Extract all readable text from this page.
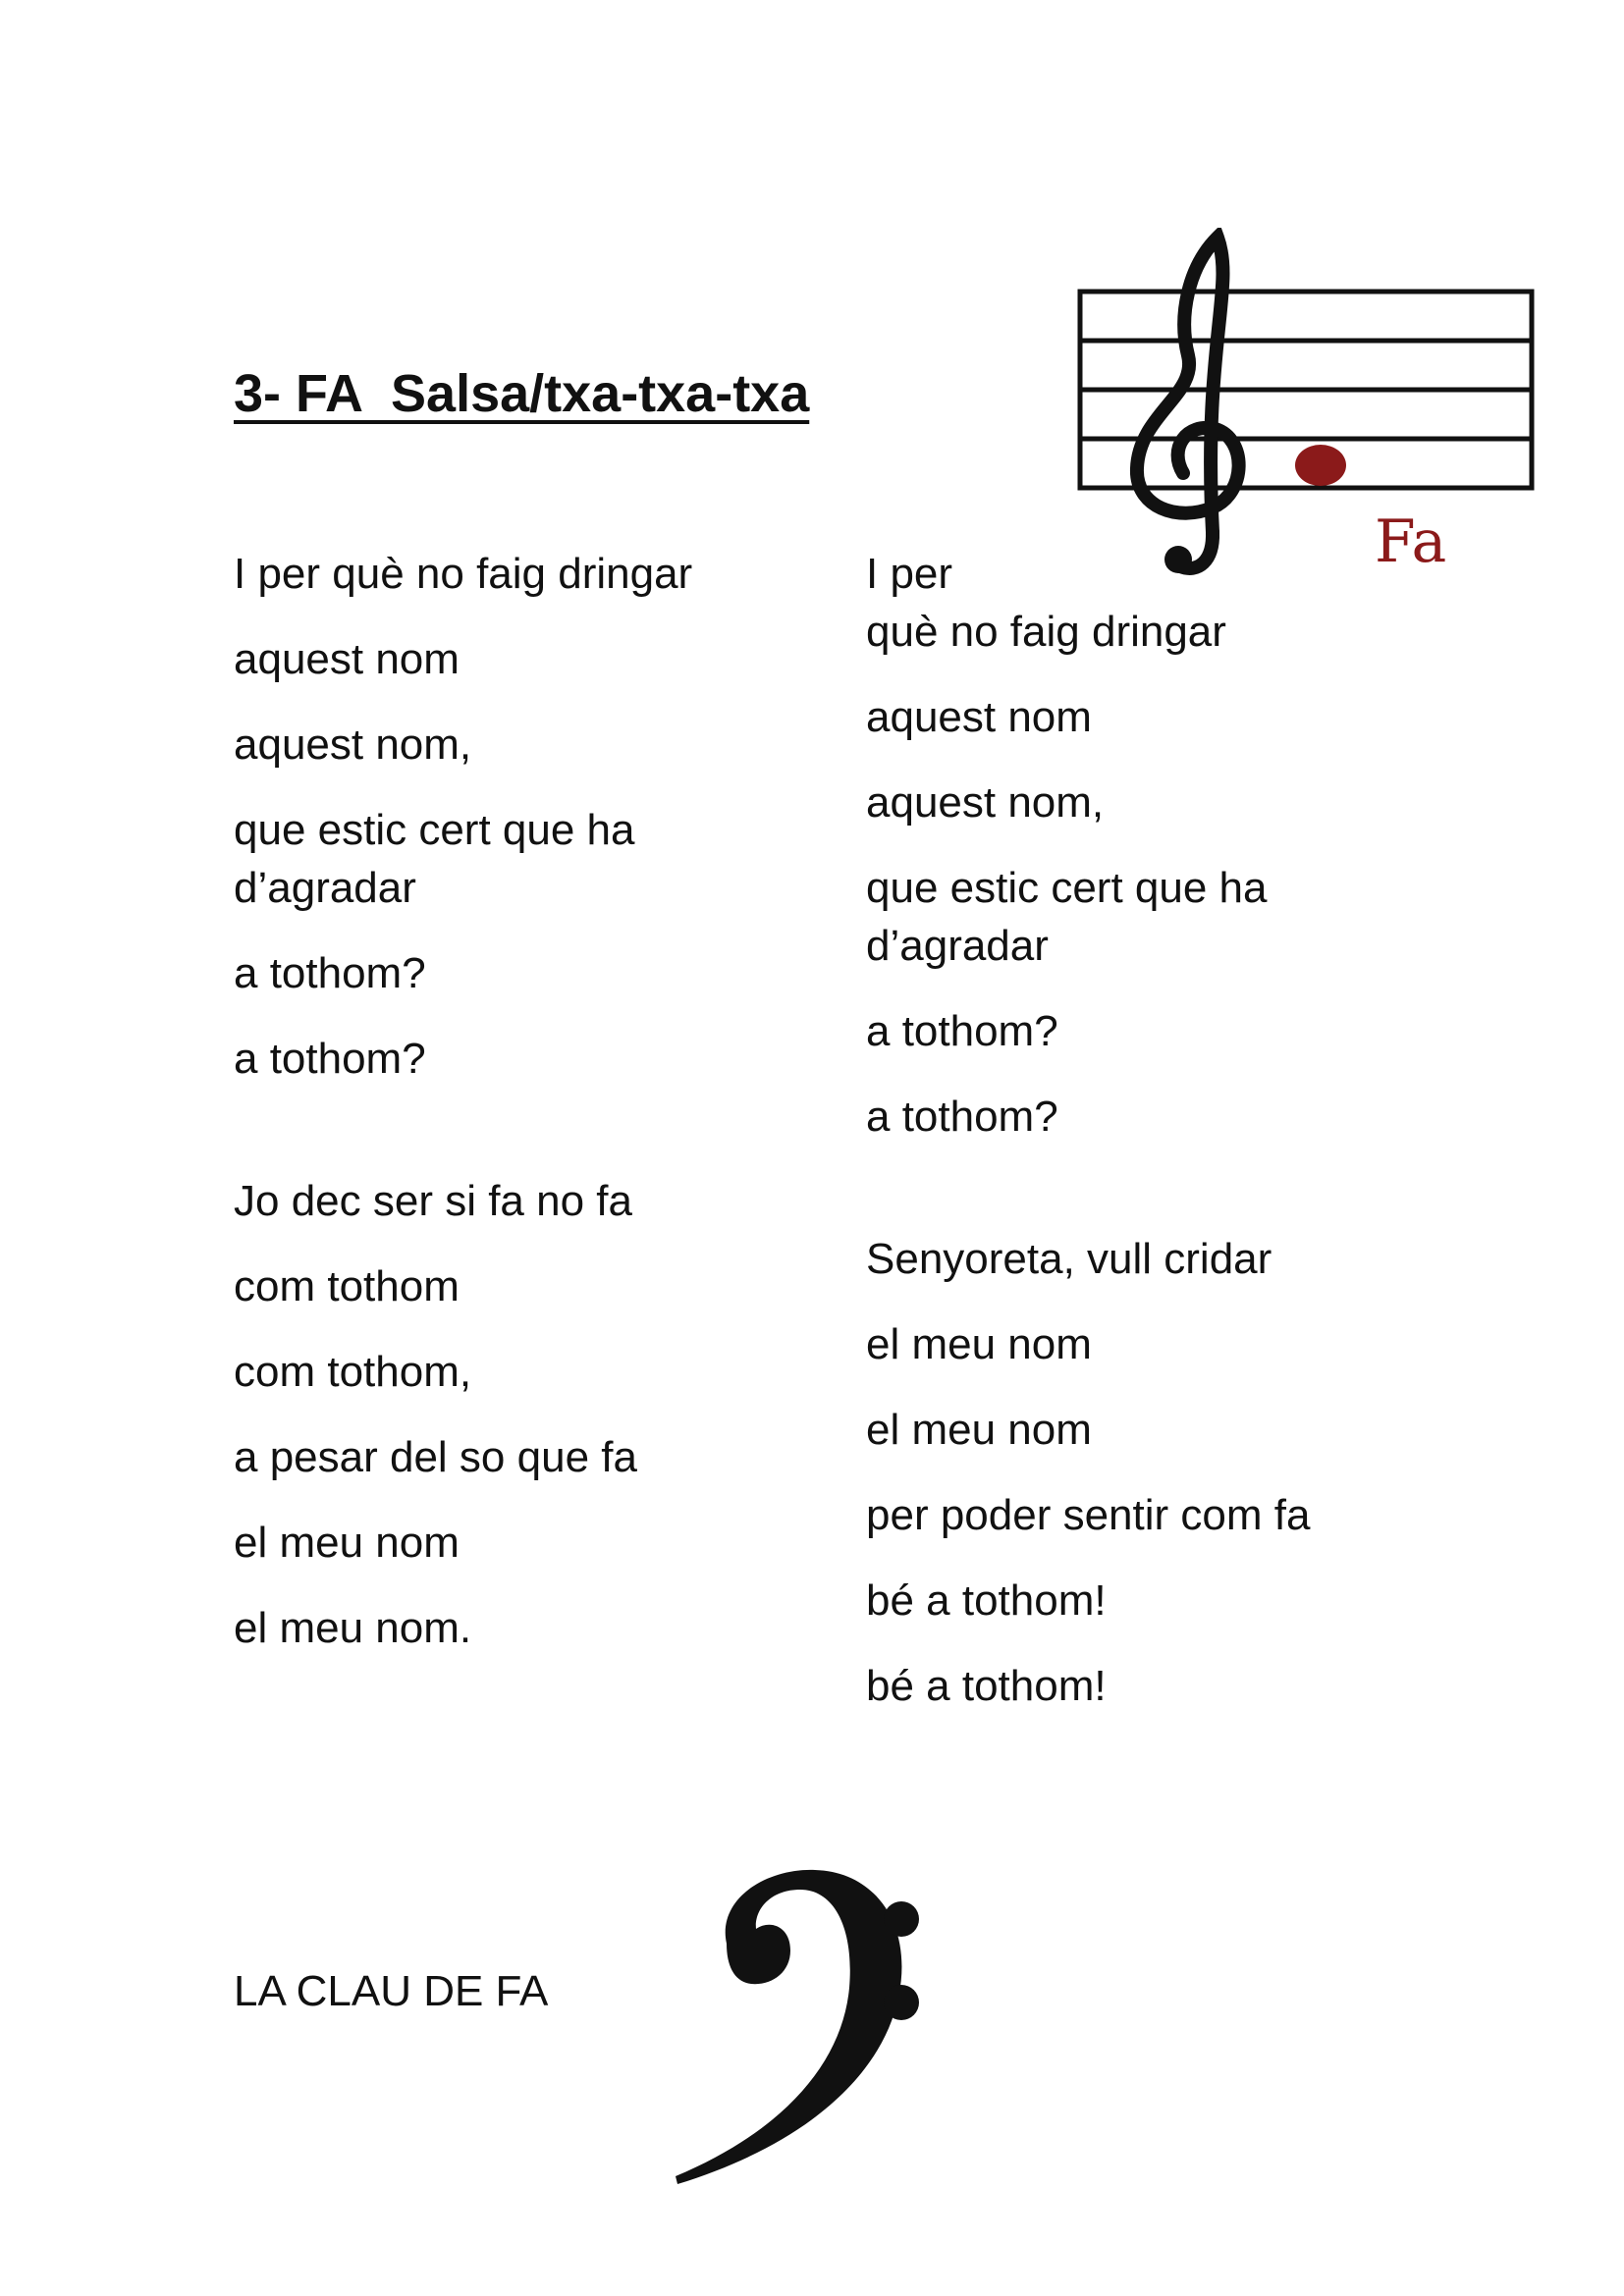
3- FA  Salsa/txa-txa-txa
Fa

I per què no faig dringar

aquest nom

aquest nom,

que estic cert que ha

d’agradar

a tothom?

a tothom?

Jo dec ser si fa no fa

com tothom

com tothom,

a pesar del so que fa

el meu nom

el meu nom.

I per

què no faig dringar

aquest nom

aquest nom,

que estic cert que ha

d’agradar

a tothom?

a tothom?

Senyoreta, vull cridar

el meu nom

el meu nom

per poder sentir com fa

bé a tothom!

bé a tothom!

LA CLAU DE FA
